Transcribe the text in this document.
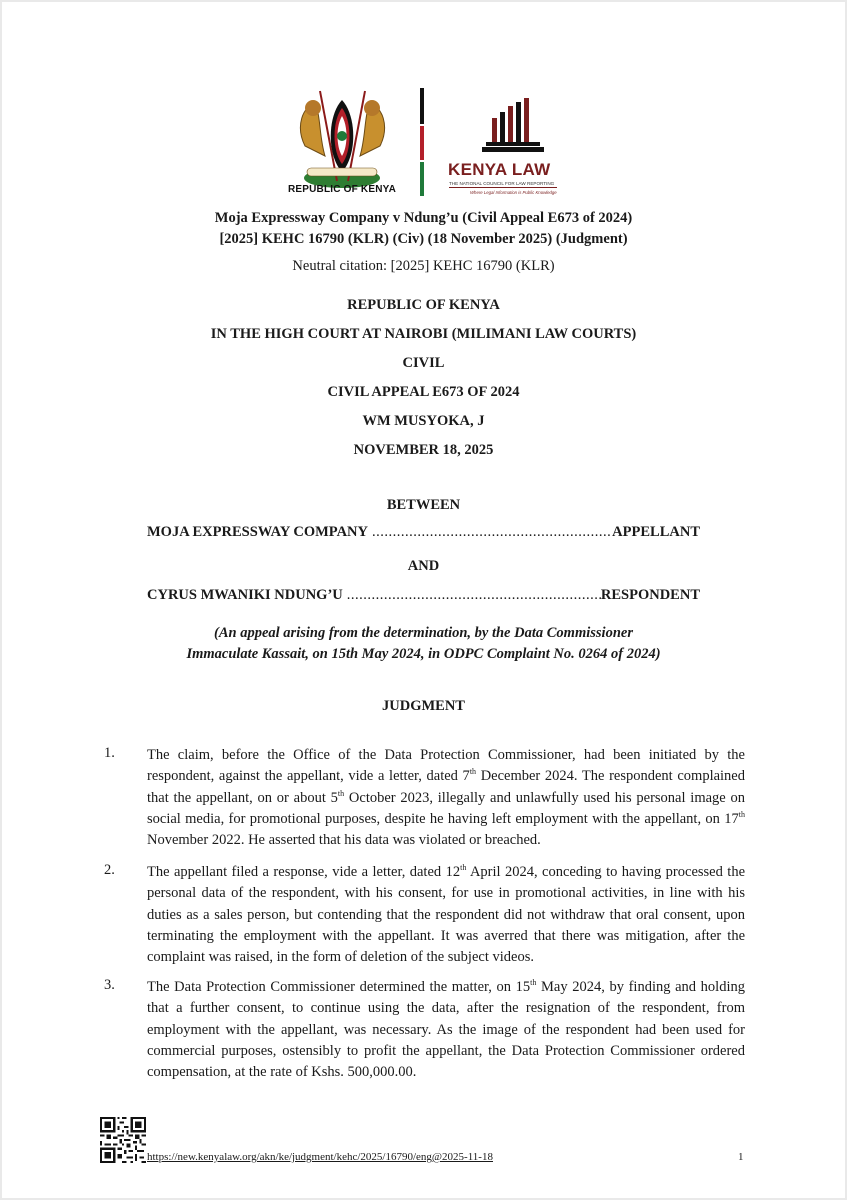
REPUBLIC OF KENYA
KENYA LAW
THE NATIONAL COUNCIL FOR LAW REPORTING
Where Legal Information is Public Knowledge
Moja Expressway Company v Ndung’u (Civil Appeal E673 of 2024)
[2025] KEHC 16790 (KLR) (Civ) (18 November 2025) (Judgment)
Neutral citation: [2025] KEHC 16790 (KLR)
REPUBLIC OF KENYA
IN THE HIGH COURT AT NAIROBI (MILIMANI LAW COURTS)
CIVIL
CIVIL APPEAL E673 OF 2024
WM MUSYOKA, J
NOVEMBER 18, 2025
BETWEEN
MOJA EXPRESSWAY COMPANY .....	APPELLANT
AND
CYRUS MWANIKI NDUNG’U .....	RESPONDENT
(An appeal arising from the determination, by the Data Commissioner
Immaculate Kassait, on 15th May 2024, in ODPC Complaint No. 0264 of 2024)
JUDGMENT
1. The claim, before the Office of the Data Protection Commissioner, had been initiated by the respondent, against the appellant, vide a letter, dated 7th December 2024. The respondent complained that the appellant, on or about 5th October 2023, illegally and unlawfully used his personal image on social media, for promotional purposes, despite he having left employment with the appellant, on 17th November 2022. He asserted that his data was violated or breached.
2. The appellant filed a response, vide a letter, dated 12th April 2024, conceding to having processed the personal data of the respondent, with his consent, for use in promotional activities, in line with his duties as a sales person, but contending that the respondent did not withdraw that oral consent, upon terminating the employment with the appellant. It was averred that there was mitigation, after the complaint was raised, in the form of deletion of the subject videos.
3. The Data Protection Commissioner determined the matter, on 15th May 2024, by finding and holding that a further consent, to continue using the data, after the resignation of the respondent, from employment with the appellant, was necessary. As the image of the respondent had been used for commercial purposes, ostensibly to profit the appellant, the Data Protection Commissioner ordered compensation, at the rate of Kshs. 500,000.00.
https://new.kenyalaw.org/akn/ke/judgment/kehc/2025/16790/eng@2025-11-18	1
